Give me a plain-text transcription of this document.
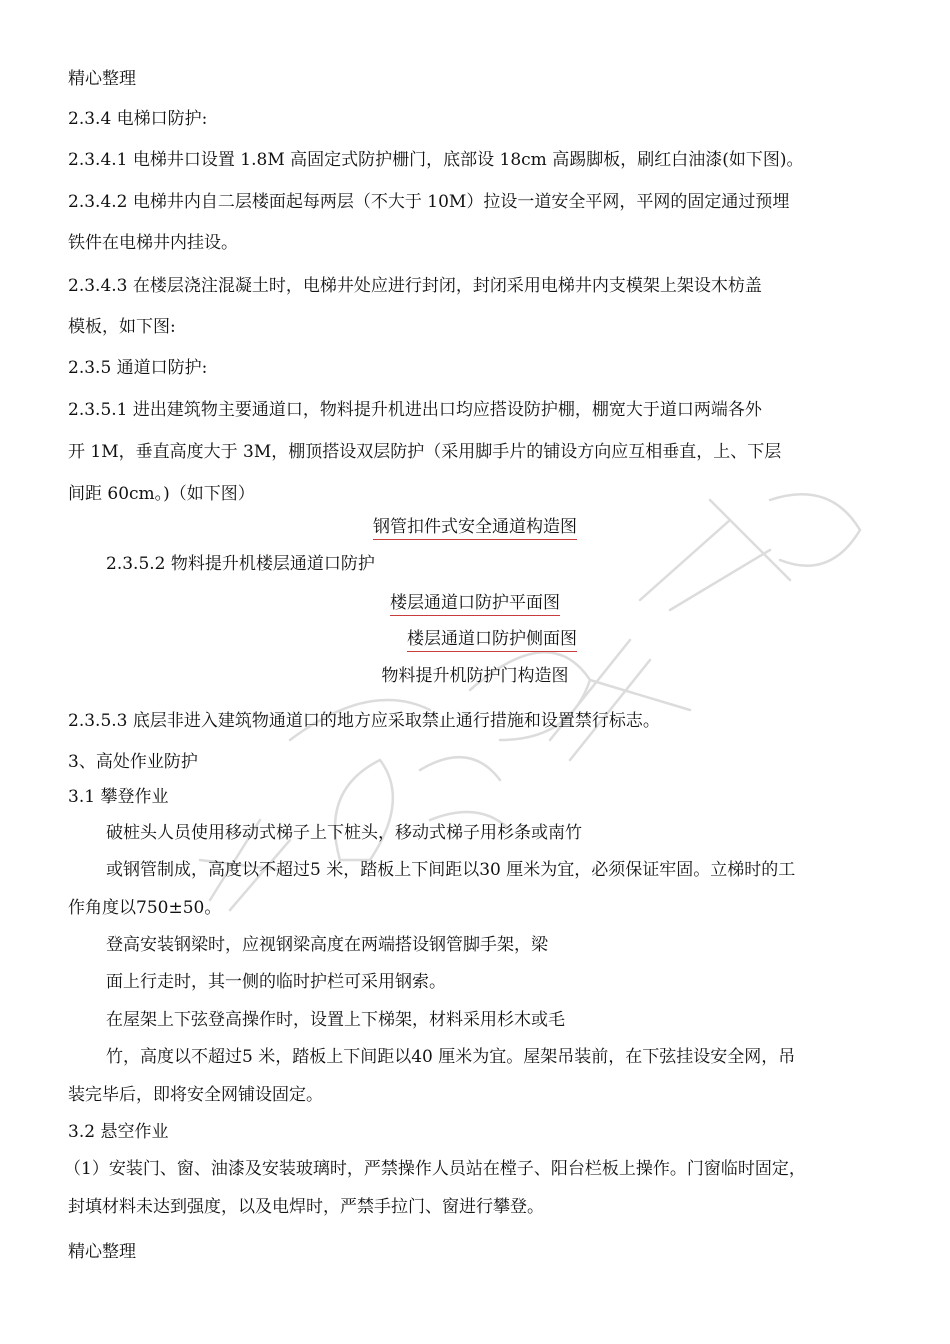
精心整理
2.3.4 电梯口防护:
2.3.4.1 电梯井口设置 1.8M 高固定式防护栅门，底部设 18cm 高踢脚板，刷红白油漆(如下图)。
2.3.4.2 电梯井内自二层楼面起每两层（不大于 10M）拉设一道安全平网，平网的固定通过预埋
铁件在电梯井内挂设。
2.3.4.3 在楼层浇注混凝土时，电梯井处应进行封闭，封闭采用电梯井内支模架上架设木枋盖
模板，如下图:
2.3.5 通道口防护:
2.3.5.1 进出建筑物主要通道口，物料提升机进出口均应搭设防护棚，棚宽大于道口两端各外
开 1M，垂直高度大于 3M，棚顶搭设双层防护（采用脚手片的铺设方向应互相垂直，上、下层
间距 60cm。)（如下图）
钢管扣件式安全通道构造图
2.3.5.2 物料提升机楼层通道口防护
楼层通道口防护平面图
楼层通道口防护侧面图
物料提升机防护门构造图
2.3.5.3 底层非进入建筑物通道口的地方应采取禁止通行措施和设置禁行标志。
3、高处作业防护
3.1 攀登作业
破桩头人员使用移动式梯子上下桩头，移动式梯子用杉条或南竹
或钢管制成，高度以不超过5 米，踏板上下间距以30 厘米为宜，必须保证牢固。立梯时的工
作角度以750±50。
登高安装钢梁时，应视钢梁高度在两端搭设钢管脚手架，梁
面上行走时，其一侧的临时护栏可采用钢索。
在屋架上下弦登高操作时，设置上下梯架，材料采用杉木或毛
竹，高度以不超过5 米，踏板上下间距以40 厘米为宜。屋架吊装前，在下弦挂设安全网，吊
装完毕后，即将安全网铺设固定。
3.2 悬空作业
（1）安装门、窗、油漆及安装玻璃时，严禁操作人员站在樘子、阳台栏板上操作。门窗临时固定，
封填材料未达到强度，以及电焊时，严禁手拉门、窗进行攀登。
精心整理
